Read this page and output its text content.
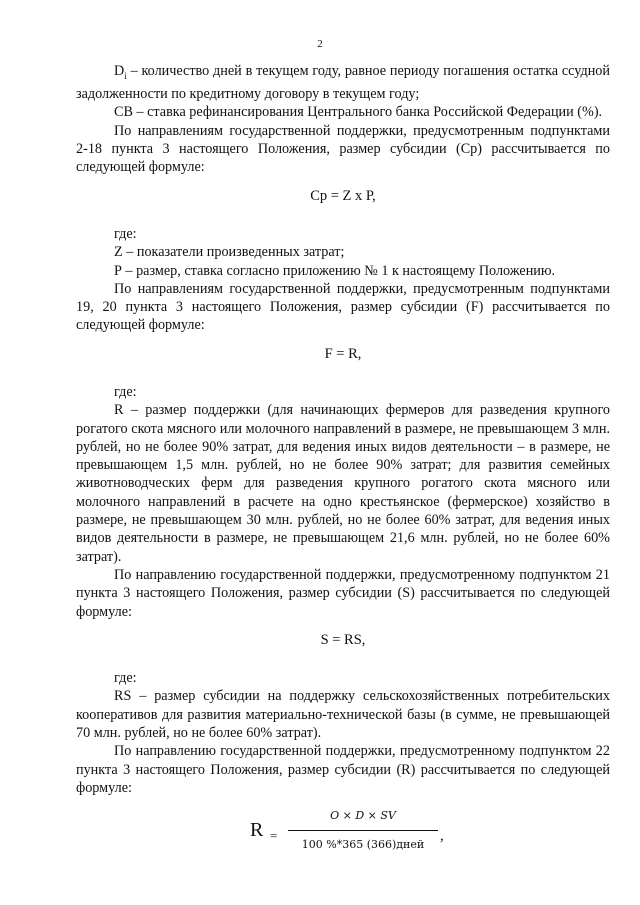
2

$D_i$ – количество дней в текущем году, равное периоду погашения остатка ссудной задолженности по кредитному договору в текущем году;

СВ – ставка рефинансирования Центрального банка Российской Федерации (%).

По направлениям государственной поддержки, предусмотренным подпунктами 2-18 пункта 3 настоящего Положения, размер субсидии (Ср) рассчитывается по следующей формуле:

Ср = Z х Р,

где:

Z – показатели произведенных затрат;

Р – размер, ставка согласно приложению № 1 к настоящему Положению.

По направлениям государственной поддержки, предусмотренным подпунктами 19, 20 пункта 3 настоящего Положения, размер субсидии (F) рассчитывается по следующей формуле:

F = R,

где:

R – размер поддержки (для начинающих фермеров для разведения крупного рогатого скота мясного или молочного направлений в размере, не превышающем 3 млн. рублей, но не более 90% затрат, для ведения иных видов деятельности – в размере, не превышающем 1,5 млн. рублей, но не более 90% затрат; для развития семейных животноводческих ферм для разведения крупного рогатого скота мясного или молочного направлений в расчете на одно крестьянское (фермерское) хозяйство в размере, не превышающем 30 млн. рублей, но не более 60% затрат, для ведения иных видов деятельности в размере, не превышающем 21,6 млн. рублей, но не более 60% затрат).

По направлению государственной поддержки, предусмотренному подпунктом 21 пункта 3 настоящего Положения, размер субсидии (S) рассчитывается по следующей формуле:

S = RS,

где:

RS – размер субсидии на поддержку сельскохозяйственных потребительских кооперативов для развития материально-технической базы (в сумме, не превышающей 70 млн. рублей, но не более 60% затрат).

По направлению государственной поддержки, предусмотренному подпунктом 22 пункта 3 настоящего Положения, размер субсидии (R) рассчитывается по следующей формуле:

R =
O × D × SV
100 %*365 (366)дней	,
